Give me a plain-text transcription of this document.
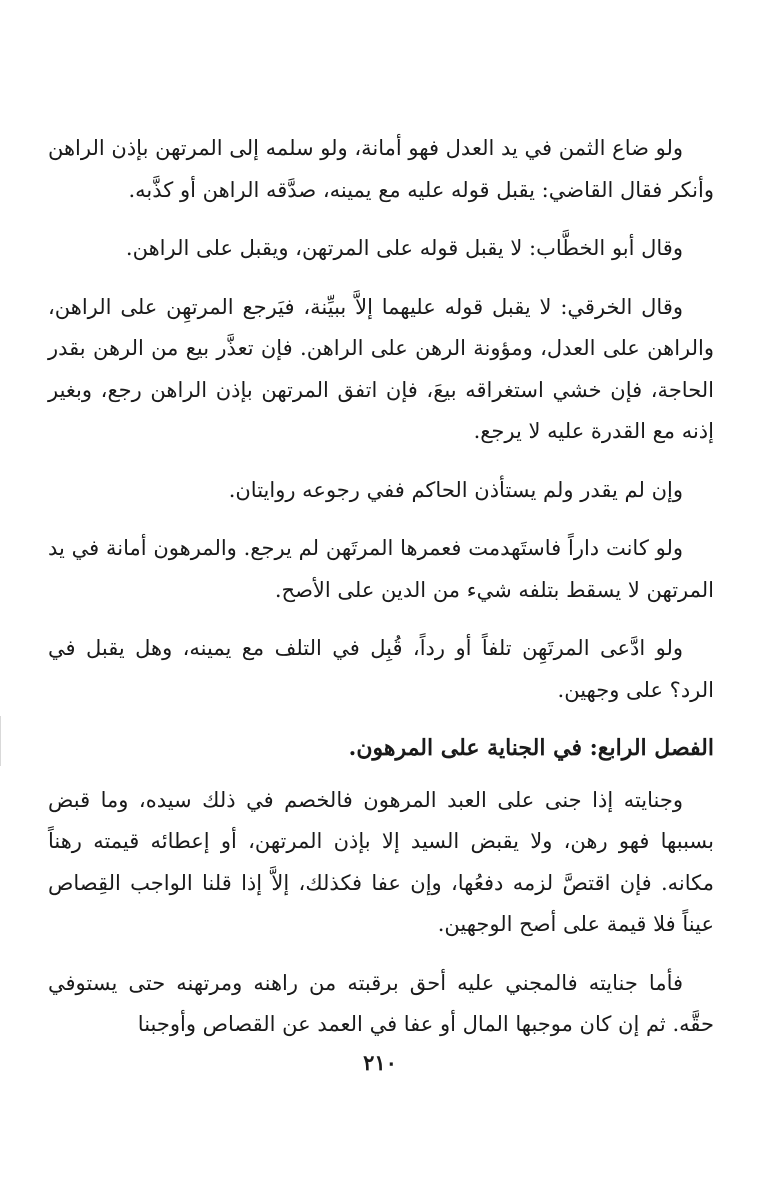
ولو ضاع الثمن في يد العدل فهو أمانة، ولو سلمه إلى المرتهن بإذن الراهن وأنكر فقال القاضي: يقبل قوله عليه مع يمينه، صدَّقه الراهن أو كذَّبه.

وقال أبو الخطَّاب: لا يقبل قوله على المرتهن، ويقبل على الراهن.

وقال الخرقي: لا يقبل قوله عليهما إلاَّ ببيِّنة، فيَرجع المرتهِن على الراهن، والراهن على العدل، ومؤونة الرهن على الراهن. فإن تعذَّر بيع من الرهن بقدر الحاجة، فإن خشي استغراقه بيعَ، فإن اتفق المرتهن بإذن الراهن رجع، وبغير إذنه مع القدرة عليه لا يرجع.

وإن لم يقدر ولم يستأذن الحاكم ففي رجوعه روايتان.

ولو كانت داراً فاستَهدمت فعمرها المرتَهن لم يرجع. والمرهون أمانة في يد المرتهن لا يسقط بتلفه شيء من الدين على الأصح.

ولو ادَّعى المرتَهِن تلفاً أو رداً، قُبِل في التلف مع يمينه، وهل يقبل في الرد؟ على وجهين.

الفصل الرابع: في الجناية على المرهون.

وجنايته إذا جنى على العبد المرهون فالخصم في ذلك سيده، وما قبض بسببها فهو رهن، ولا يقبض السيد إلا بإذن المرتهن، أو إعطائه قيمته رهناً مكانه. فإن اقتصَّ لزمه دفعُها، وإن عفا فكذلك، إلاَّ إذا قلنا الواجب القِصاص عيناً فلا قيمة على أصح الوجهين.

فأما جنايته فالمجني عليه أحق برقبته من راهنه ومرتهنه حتى يستوفي حقَّه. ثم إن كان موجبها المال أو عفا في العمد عن القصاص وأوجبنا

٢١٠
